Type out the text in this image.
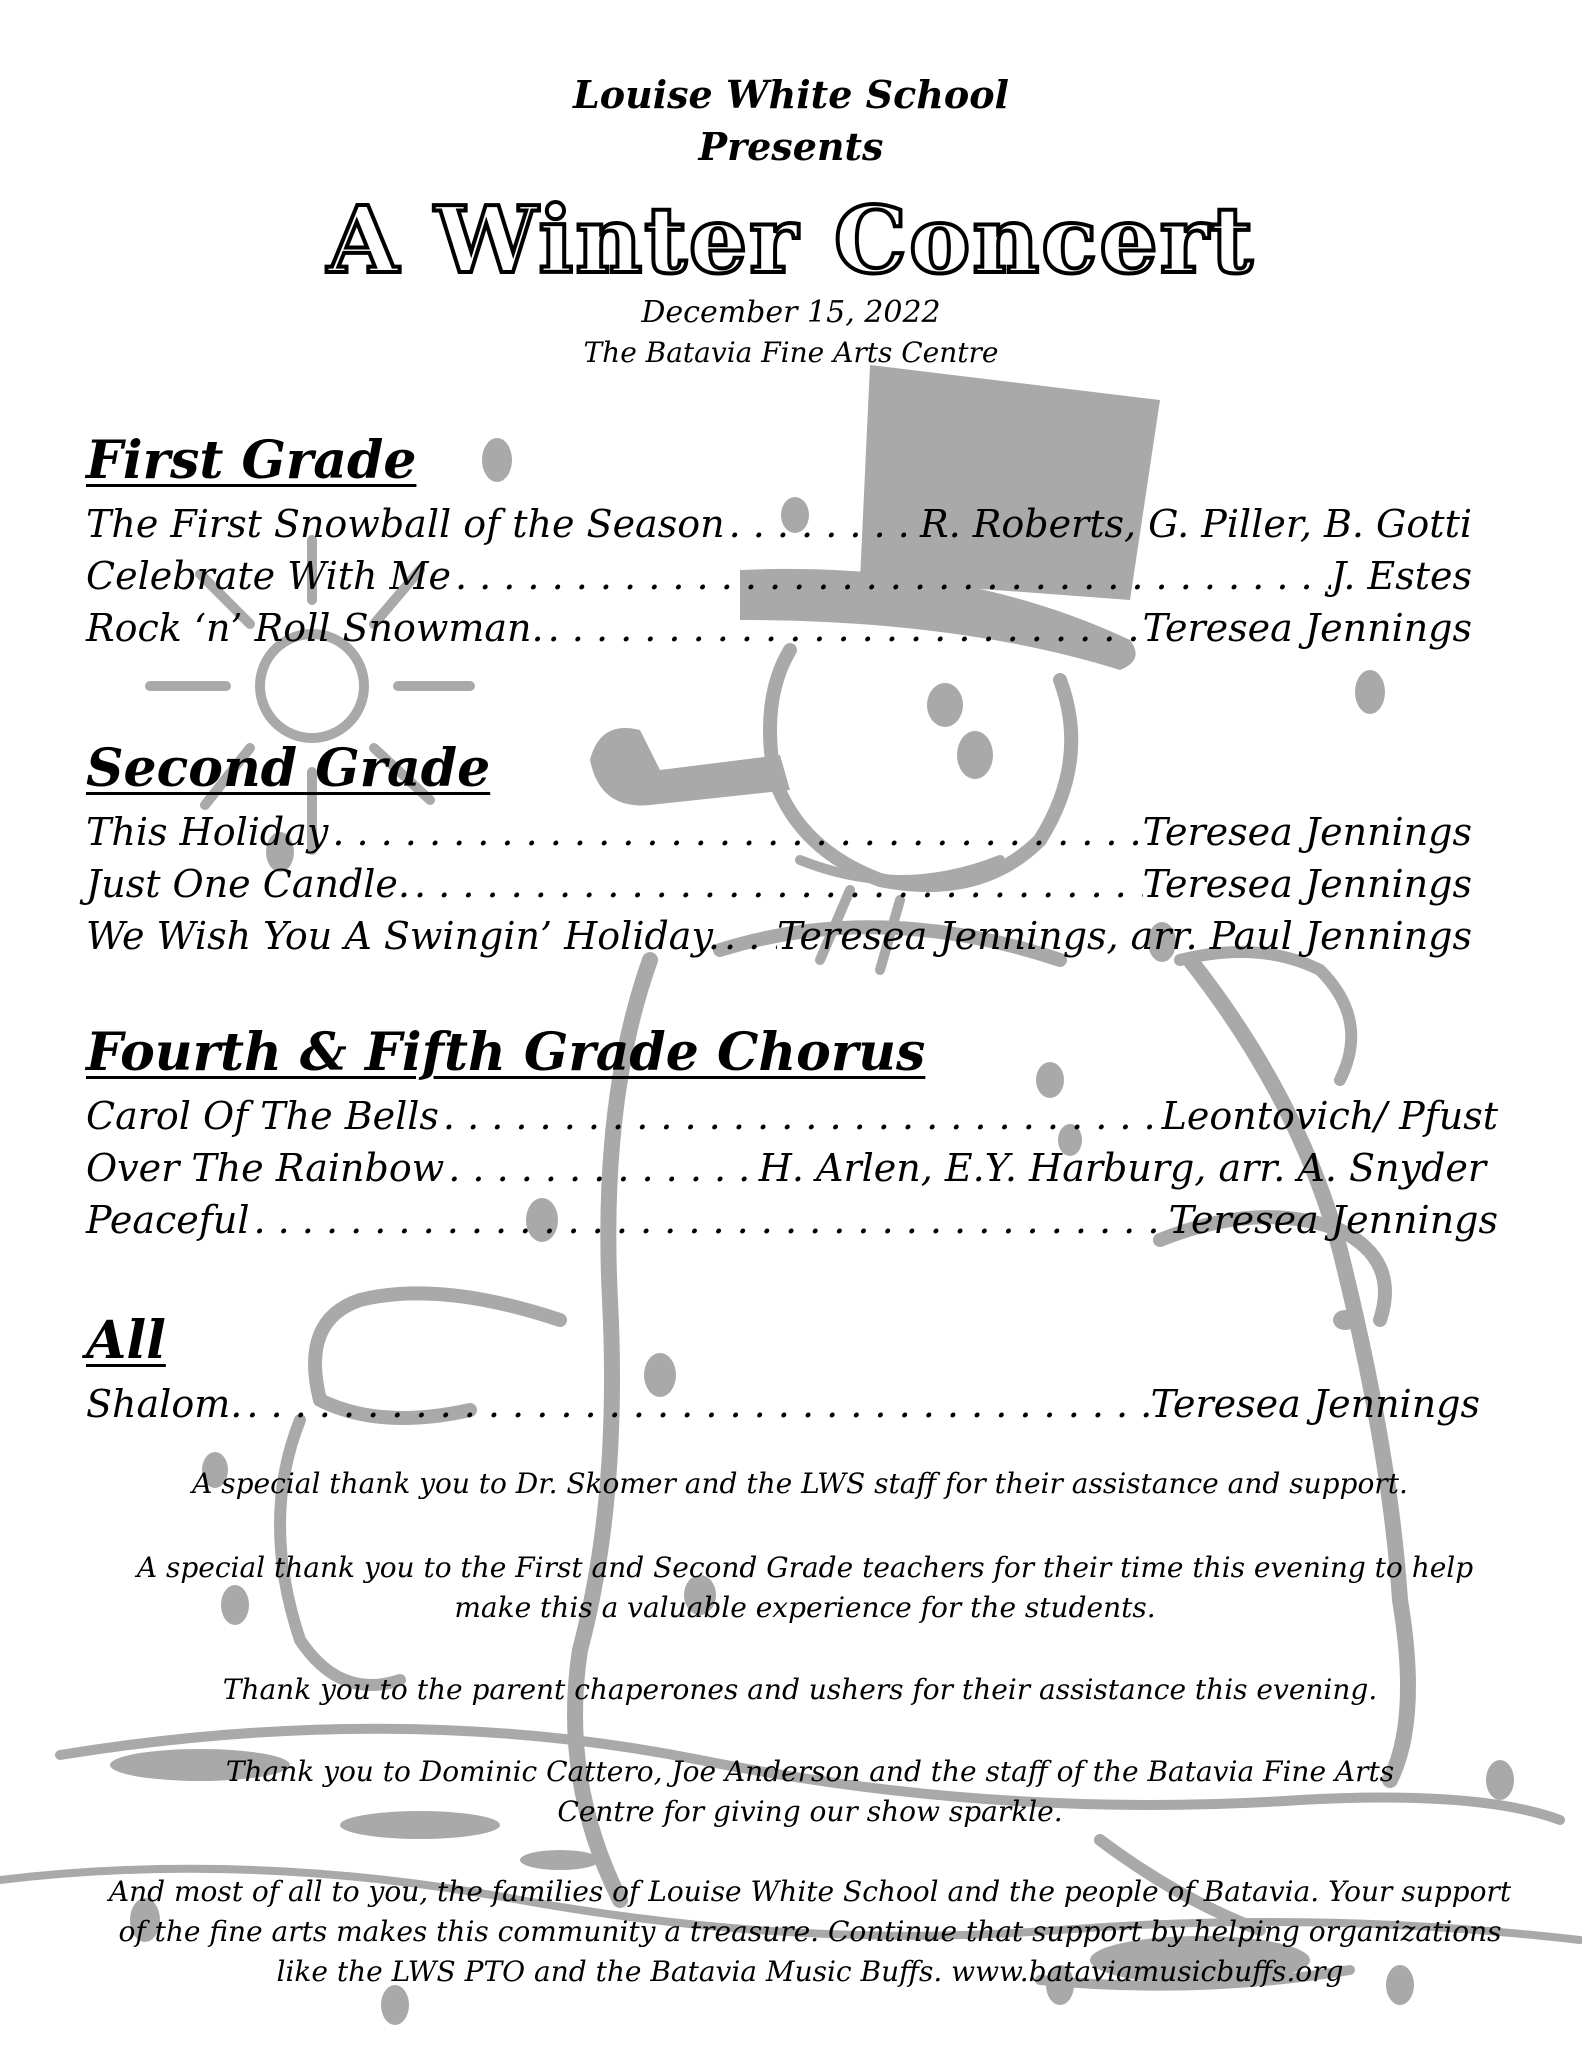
Louise White School
Presents
A Winter Concert
December 15, 2022
The Batavia Fine Arts Centre
First Grade
The First Snowball of the Season . . .	R. Roberts, G. Piller, B. Gotti
Celebrate With Me . . .	J. Estes
Rock ‘n’ Roll Snowman. . . .	Teresea Jennings
Second Grade
This Holiday . . .	Teresea Jennings
Just One Candle. . . .	Teresea Jennings
We Wish You A Swingin’ Holiday. . . . Teresea Jennings, arr. Paul Jennings
Fourth & Fifth Grade Chorus
Carol Of The Bells . . .	Leontovich/ Pfust
Over The Rainbow . . .	H. Arlen, E.Y. Harburg, arr. A. Snyder
Peaceful . . .	Teresea Jennings
All
Shalom. . . .	Teresea Jennings
A special thank you to Dr. Skomer and the LWS staff for their assistance and support.
A special thank you to the First and Second Grade teachers for their time this evening to help make this a valuable experience for the students.
Thank you to the parent chaperones and ushers for their assistance this evening.
Thank you to Dominic Cattero, Joe Anderson and the staff of the Batavia Fine Arts Centre for giving our show sparkle.
And most of all to you, the families of Louise White School and the people of Batavia. Your support of the fine arts makes this community a treasure. Continue that support by helping organizations like the LWS PTO and the Batavia Music Buffs. www.bataviamusicbuffs.org
